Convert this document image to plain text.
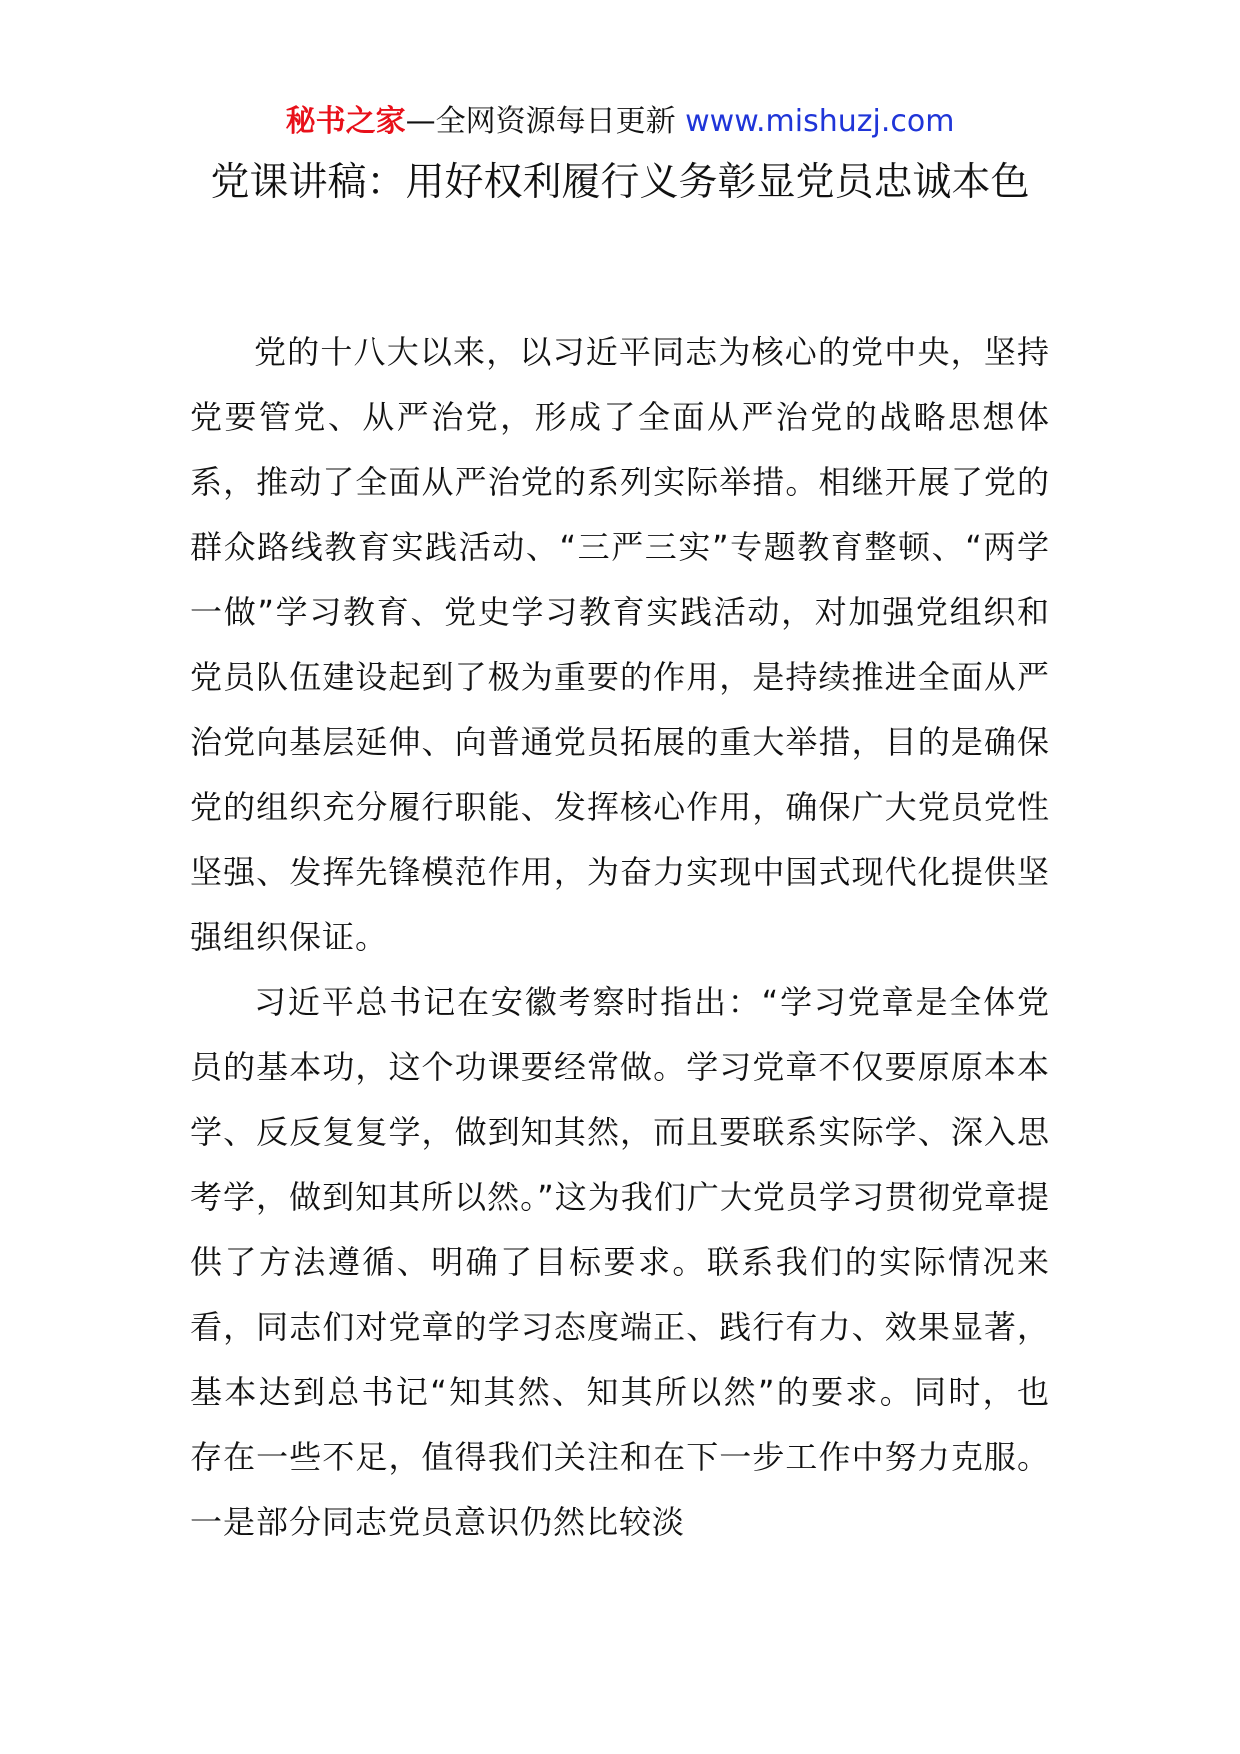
秘书之家—全网资源每日更新 www.mishuzj.com
党课讲稿：用好权利履行义务彰显党员忠诚本色

党的十八大以来，以习近平同志为核心的党中央，坚持党要管党、从严治党，形成了全面从严治党的战略思想体系，推动了全面从严治党的系列实际举措。相继开展了党的群众路线教育实践活动、“三严三实”专题教育整顿、“两学一做”学习教育、党史学习教育实践活动，对加强党组织和党员队伍建设起到了极为重要的作用，是持续推进全面从严治党向基层延伸、向普通党员拓展的重大举措，目的是确保党的组织充分履行职能、发挥核心作用，确保广大党员党性坚强、发挥先锋模范作用，为奋力实现中国式现代化提供坚强组织保证。

习近平总书记在安徽考察时指出：“学习党章是全体党员的基本功，这个功课要经常做。学习党章不仅要原原本本学、反反复复学，做到知其然，而且要联系实际学、深入思考学，做到知其所以然。”这为我们广大党员学习贯彻党章提供了方法遵循、明确了目标要求。联系我们的实际情况来看，同志们对党章的学习态度端正、践行有力、效果显著，基本达到总书记“知其然、知其所以然”的要求。同时，也存在一些不足，值得我们关注和在下一步工作中努力克服。一是部分同志党员意识仍然比较淡
